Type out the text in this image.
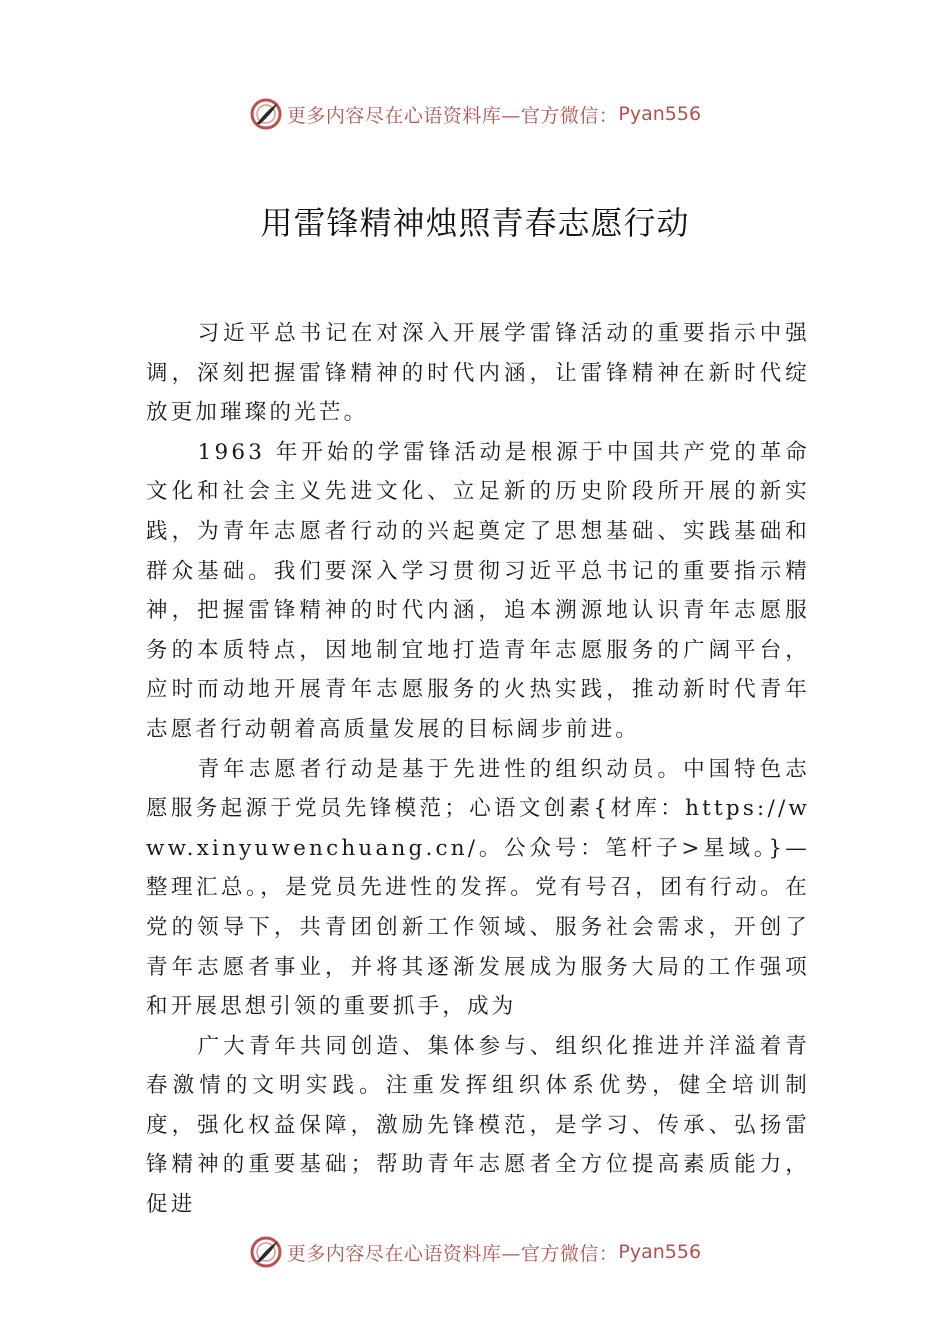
更多内容尽在心语资料库—官方微信： Pyan556
用雷锋精神烛照青春志愿行动

习近平总书记在对深入开展学雷锋活动的重要指示中强调，深刻把握雷锋精神的时代内涵，让雷锋精神在新时代绽放更加璀璨的光芒。

1963 年开始的学雷锋活动是根源于中国共产党的革命文化和社会主义先进文化、立足新的历史阶段所开展的新实践，为青年志愿者行动的兴起奠定了思想基础、实践基础和群众基础。我们要深入学习贯彻习近平总书记的重要指示精神，把握雷锋精神的时代内涵，追本溯源地认识青年志愿服务的本质特点，因地制宜地打造青年志愿服务的广阔平台， 应时而动地开展青年志愿服务的火热实践，推动新时代青年志愿者行动朝着高质量发展的目标阔步前进。

青年志愿者行动是基于先进性的组织动员。中国特色志愿服务起源于党员先锋模范；心语文创素{材库：https://www.xinyuwenchuang.cn/。公众号：笔杆子>星域。}—整理汇总。，是党员先进性的发挥。党有号召，团有行动。在党的领导下，共青团创新工作领域、服务社会需求，开创了青年志愿者事业，并将其逐渐发展成为服务大局的工作强项和开展思想引领的重要抓手，成为

广大青年共同创造、集体参与、组织化推进并洋溢着青春激情的文明实践。注重发挥组织体系优势，健全培训制度，强化权益保障，激励先锋模范，是学习、传承、弘扬雷锋精神的重要基础；帮助青年志愿者全方位提高素质能力，促进

更多内容尽在心语资料库—官方微信： Pyan556
